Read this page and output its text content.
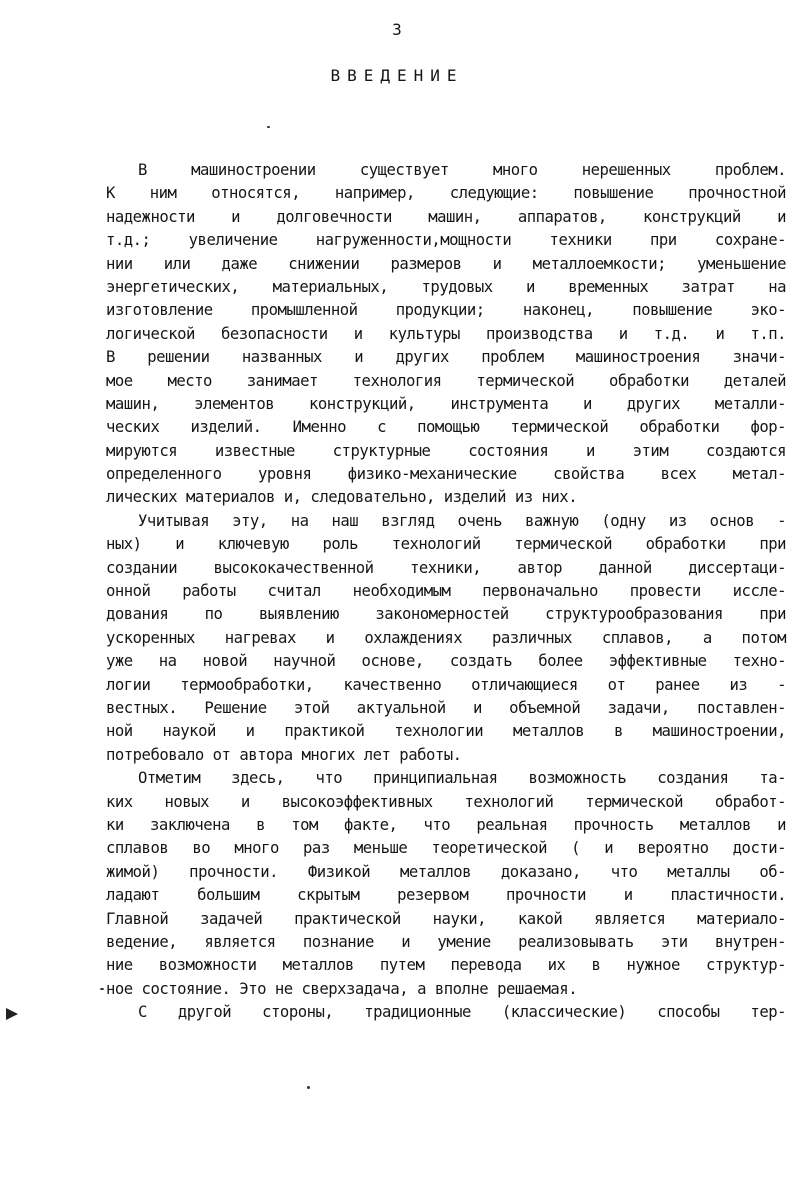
3
ВВЕДЕНИЕ
В машиностроении существует много нерешенных проблем.
К ним относятся, например, следующие: повышение прочностной
надежности и долговечности машин, аппаратов, конструкций и
т.д.; увеличение нагруженности,мощности техники при сохране-
нии или даже снижении размеров и металлоемкости; уменьшение
энергетических, материальных, трудовых и временных затрат на
изготовление промышленной продукции; наконец, повышение эко-
логической безопасности и культуры производства и т.д. и т.п.
В решении названных и других проблем машиностроения значи-
мое место занимает технология термической обработки деталей
машин, элементов конструкций, инструмента и других металли-
ческих изделий. Именно с помощью термической обработки фор-
мируются известные структурные состояния и этим создаются
определенного уровня физико-механические свойства всех метал-
лических материалов и, следовательно, изделий из них.
Учитывая эту, на наш взгляд очень важную (одну из основ -
ных) и ключевую роль технологий термической обработки при
создании высококачественной техники, автор данной диссертаци-
онной работы считал необходимым первоначально провести иссле-
дования по выявлению закономерностей структурообразования при
ускоренных нагревах и охлаждениях различных сплавов, а потом
уже на новой научной основе, создать более эффективные техно-
логии термообработки, качественно отличающиеся от ранее из -
вестных. Решение этой актуальной и объемной задачи, поставлен-
ной наукой и практикой технологии металлов в машиностроении,
потребовало от автора многих лет работы.
Отметим здесь, что принципиальная возможность создания та-
ких новых и высокоэффективных технологий термической обработ-
ки заключена в том факте, что реальная прочность металлов и
сплавов во много раз меньше теоретической ( и вероятно дости-
жимой) прочности. Физикой металлов доказано, что металлы об-
ладают большим скрытым резервом прочности и пластичности.
Главной задачей практической науки, какой является материало-
ведение, является познание и умение реализовывать эти внутрен-
ние возможности металлов путем перевода их в нужное структур-
ное состояние. Это не сверхзадача, а вполне решаемая.
С другой стороны, традиционные (классические) способы тер-
